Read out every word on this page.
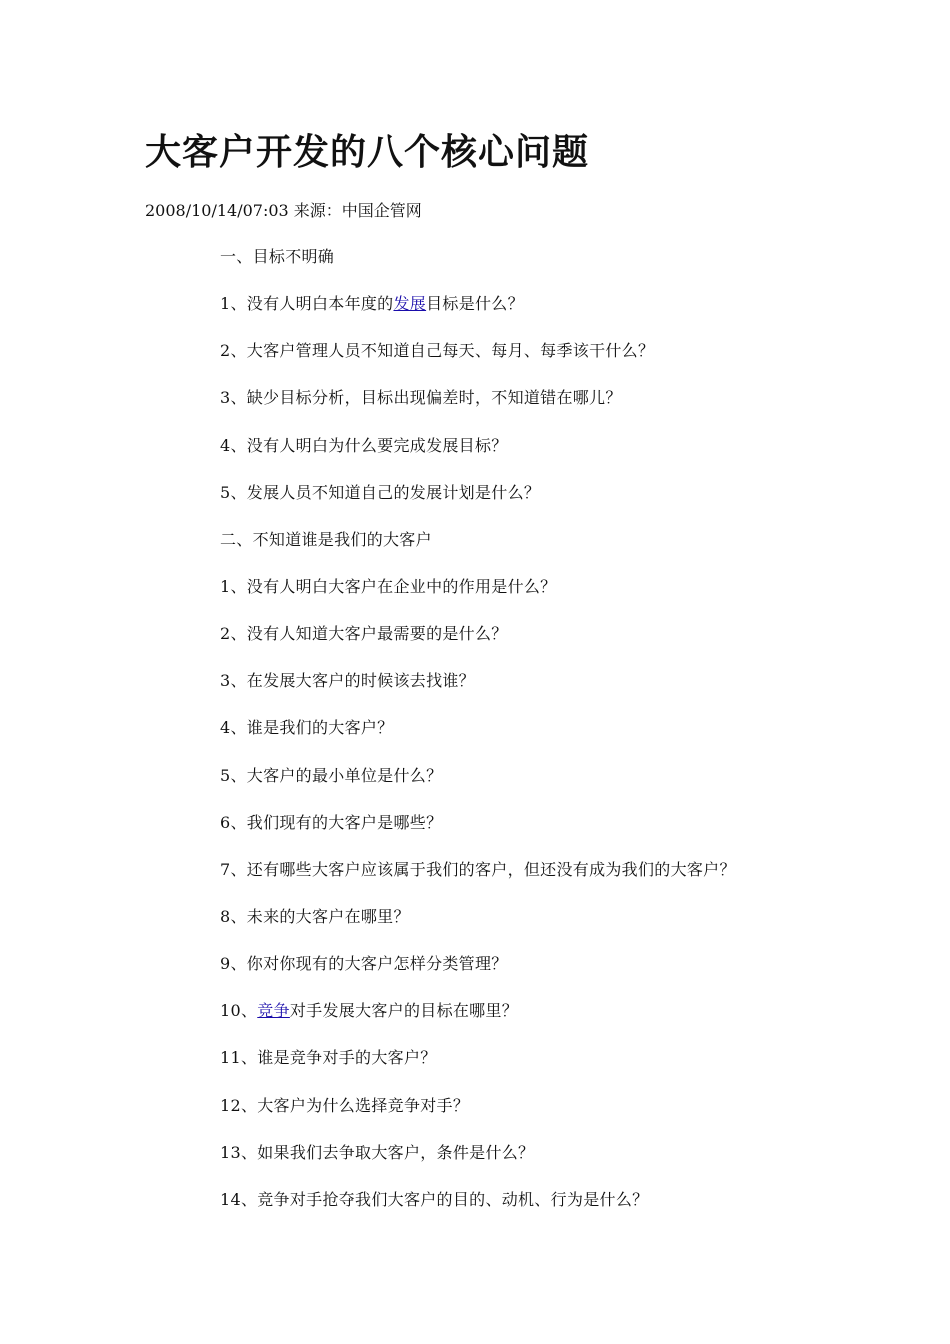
大客户开发的八个核心问题
2008/10/14/07:03 来源：中国企管网
一、目标不明确
1、没有人明白本年度的发展目标是什么？
2、大客户管理人员不知道自己每天、每月、每季该干什么？
3、缺少目标分析，目标出现偏差时，不知道错在哪儿？
4、没有人明白为什么要完成发展目标？
5、发展人员不知道自己的发展计划是什么？
二、不知道谁是我们的大客户
1、没有人明白大客户在企业中的作用是什么？
2、没有人知道大客户最需要的是什么？
3、在发展大客户的时候该去找谁？
4、谁是我们的大客户？
5、大客户的最小单位是什么？
6、我们现有的大客户是哪些？
7、还有哪些大客户应该属于我们的客户，但还没有成为我们的大客户？
8、未来的大客户在哪里？
9、你对你现有的大客户怎样分类管理？
10、竞争对手发展大客户的目标在哪里？
11、谁是竞争对手的大客户？
12、大客户为什么选择竞争对手？
13、如果我们去争取大客户，条件是什么？
14、竞争对手抢夺我们大客户的目的、动机、行为是什么？
